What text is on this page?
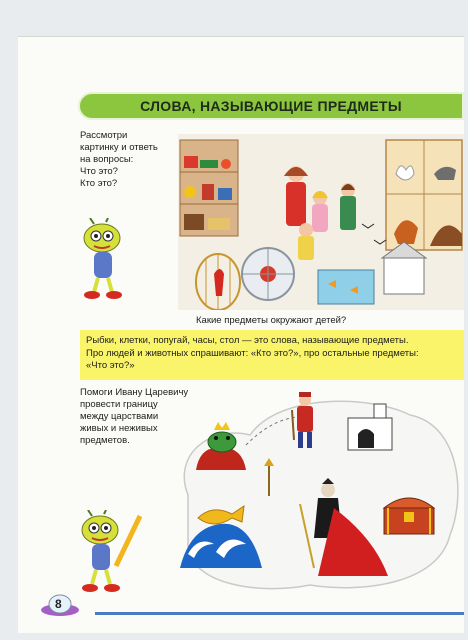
СЛОВА, НАЗЫВАЮЩИЕ ПРЕДМЕТЫ
Рассмотри
картинку и ответь
на вопросы:
Что это?
Кто это?
Какие предметы окружают детей?
Рыбки, клетки, попугай, часы, стол — это слова, называющие предметы.
Про людей и животных спрашивают: «Кто это?», про остальные предметы:
«Что это?»
Помоги Ивану Царевичу
провести границу
между царствами
живых и неживых
предметов.
8
